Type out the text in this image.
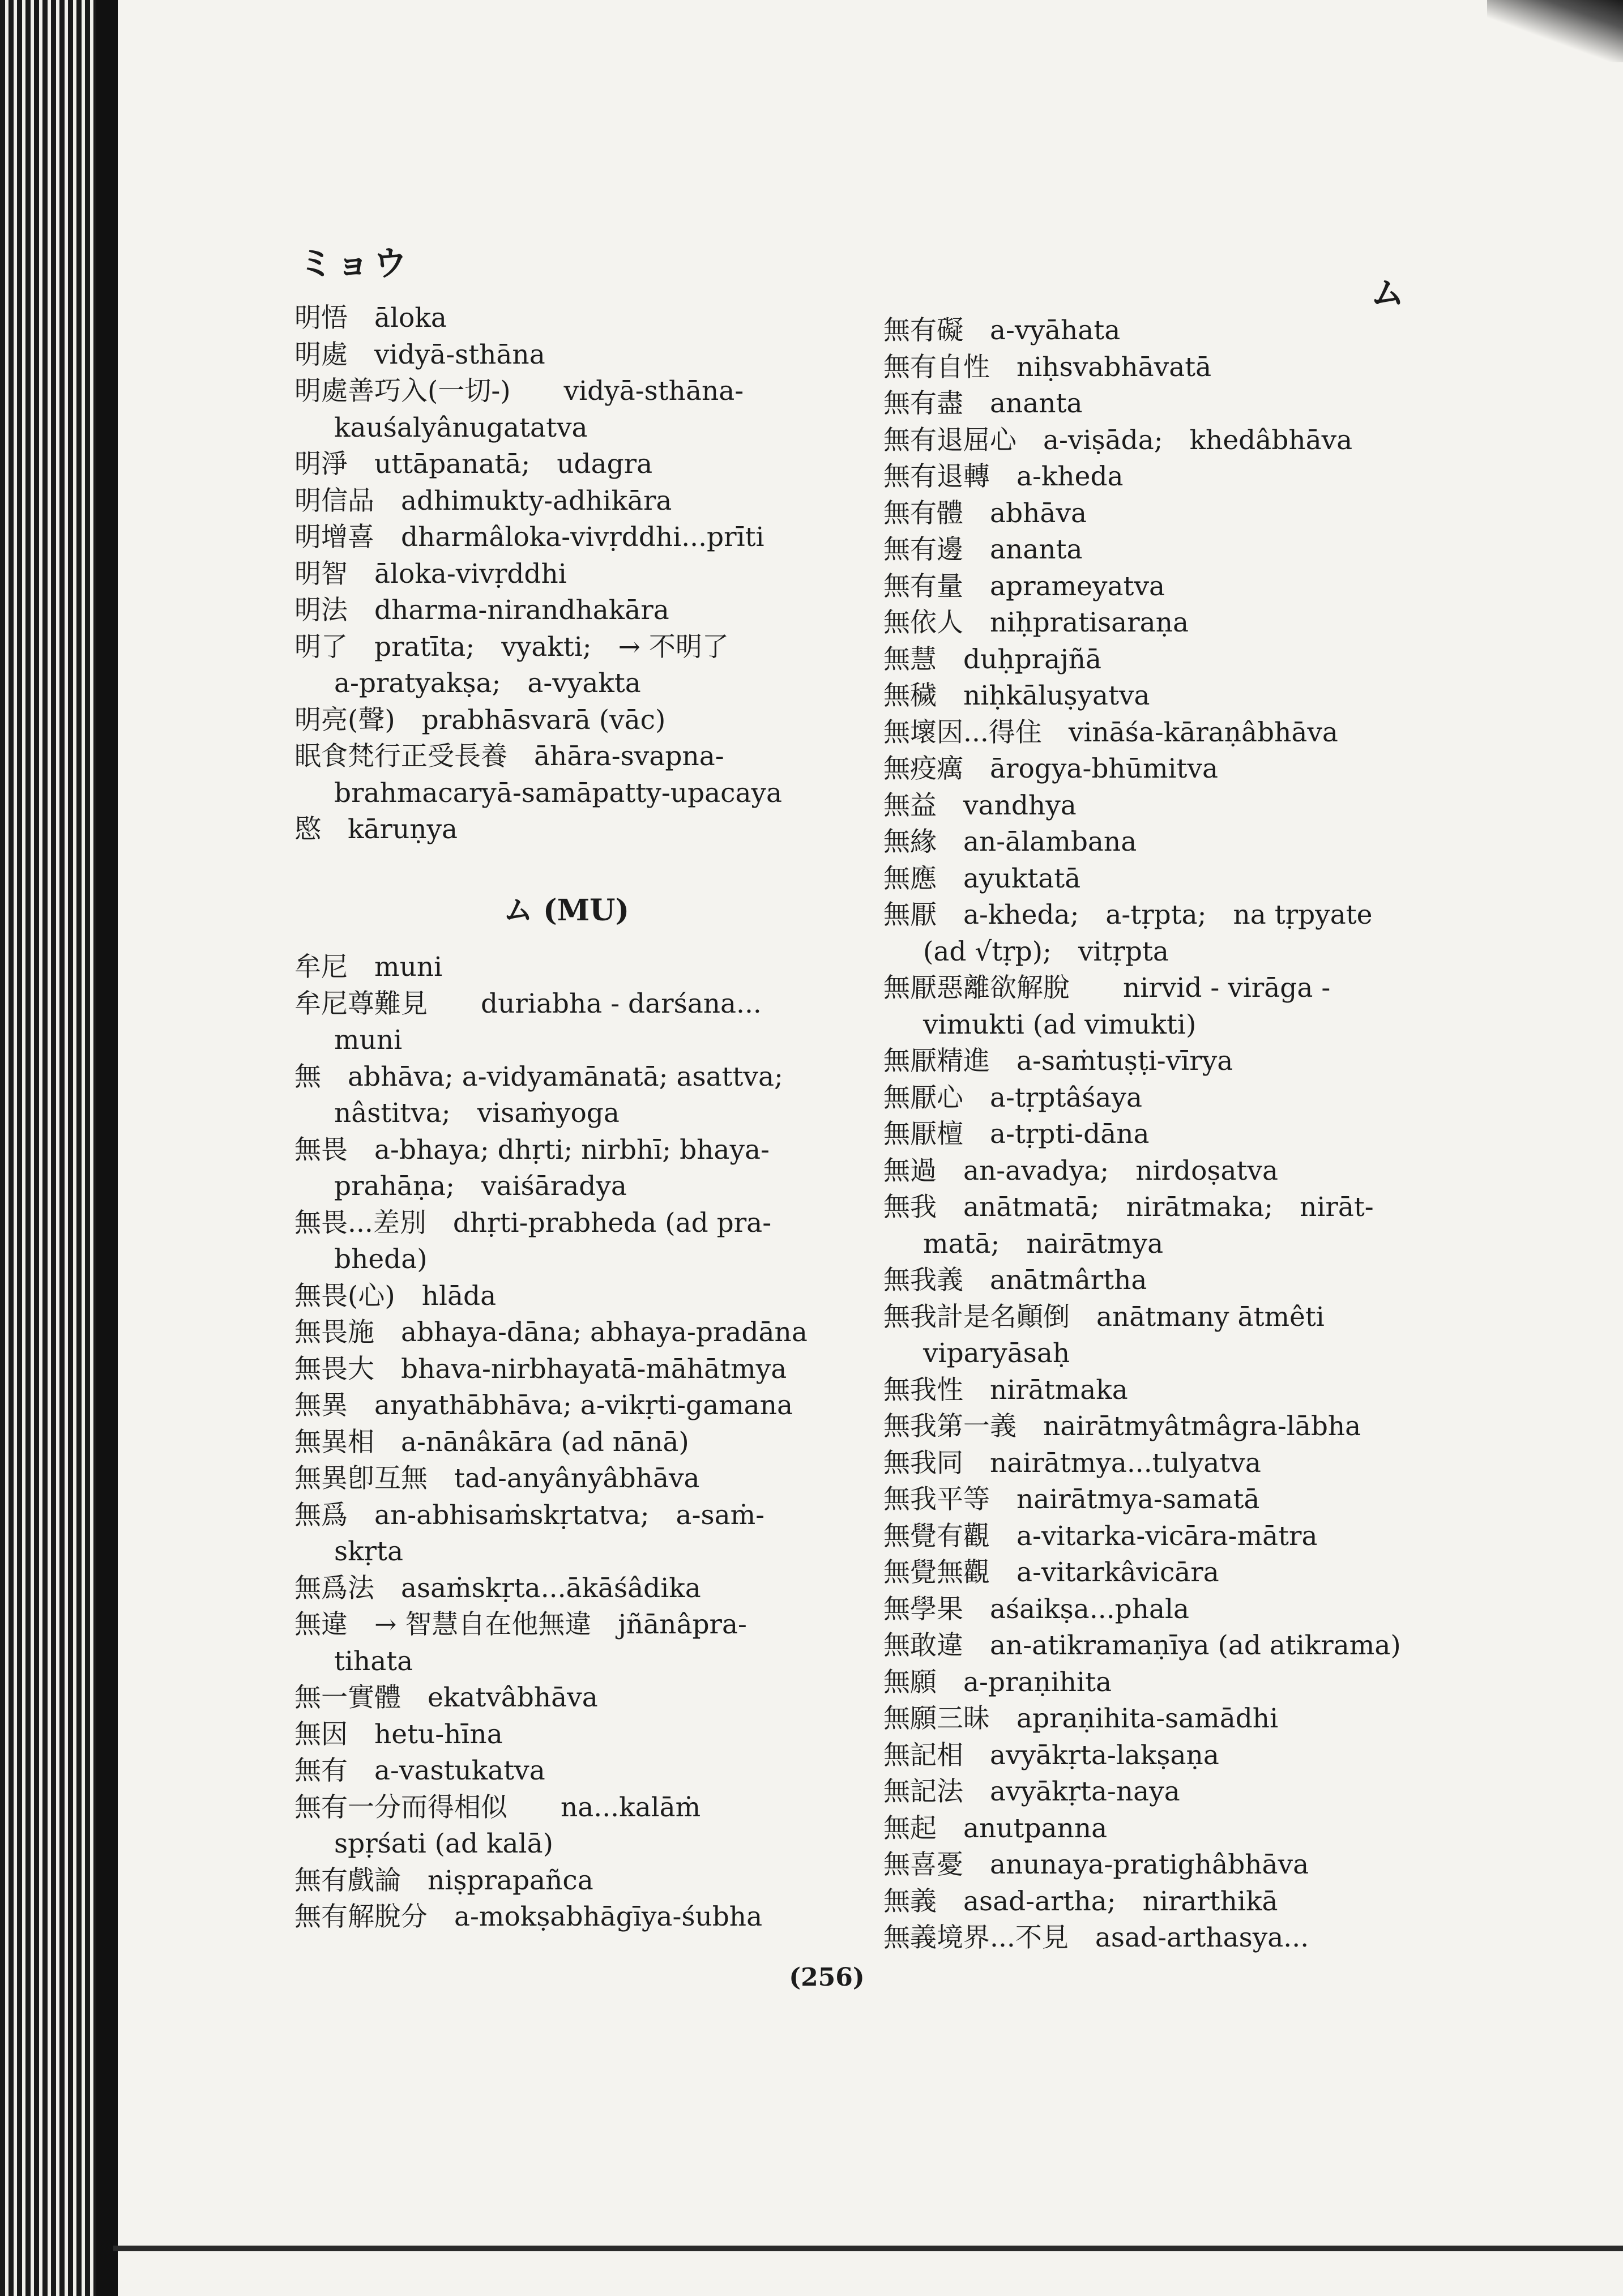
ミョウ
ム
明悟　āloka
明處　vidyā-sthāna
明處善巧入(一切-)　　vidyā-sthāna-
kauśalyânugatatva
明淨　uttāpanatā;　udagra
明信品　adhimukty-adhikāra
明增喜　dharmâloka-vivṛddhi...prīti
明智　āloka-vivṛddhi
明法　dharma-nirandhakāra
明了　pratīta;　vyakti;　→ 不明了
a-pratyakṣa;　a-vyakta
明亮(聲)　prabhāsvarā (vāc)
眠食梵行正受長養　āhāra-svapna-
brahmacaryā-samāpatty-upacaya
愍　kāruṇya
ム (MU)
牟尼　muni
牟尼尊難見　　duriabha - darśana...
muni
無　abhāva; a-vidyamānatā; asattva;
nâstitva;　visaṁyoga
無畏　a-bhaya; dhṛti; nirbhī; bhaya-
prahāṇa;　vaiśāradya
無畏...差別　dhṛti-prabheda (ad pra-
bheda)
無畏(心)　hlāda
無畏施　abhaya-dāna; abhaya-pradāna
無畏大　bhava-nirbhayatā-māhātmya
無異　anyathābhāva; a-vikṛti-gamana
無異相　a-nānâkāra (ad nānā)
無異卽互無　tad-anyânyâbhāva
無爲　an-abhisaṁskṛtatva;　a-saṁ-
skṛta
無爲法　asaṁskṛta...ākāśâdika
無違　→ 智慧自在他無違　jñānâpra-
tihata
無一實體　ekatvâbhāva
無因　hetu-hīna
無有　a-vastukatva
無有一分而得相似　　na...kalāṁ
spṛśati (ad kalā)
無有戲論　niṣprapañca
無有解脫分　a-mokṣabhāgīya-śubha
無有礙　a-vyāhata
無有自性　niḥsvabhāvatā
無有盡　ananta
無有退屈心　a-viṣāda;　khedâbhāva
無有退轉　a-kheda
無有體　abhāva
無有邊　ananta
無有量　aprameyatva
無依人　niḥpratisaraṇa
無慧　duḥprajñā
無穢　niḥkāluṣyatva
無壞因...得住　vināśa-kāraṇâbhāva
無疫癘　ārogya-bhūmitva
無益　vandhya
無緣　an-ālambana
無應　ayuktatā
無厭　a-kheda;　a-tṛpta;　na tṛpyate
(ad √tṛp);　vitṛpta
無厭惡離欲解脫　　nirvid - virāga -
vimukti (ad vimukti)
無厭精進　a-saṁtuṣṭi-vīrya
無厭心　a-tṛptâśaya
無厭檀　a-tṛpti-dāna
無過　an-avadya;　nirdoṣatva
無我　anātmatā;　nirātmaka;　nirāt-
matā;　nairātmya
無我義　anātmârtha
無我計是名顚倒　anātmany ātmêti
viparyāsaḥ
無我性　nirātmaka
無我第一義　nairātmyâtmâgra-lābha
無我同　nairātmya...tulyatva
無我平等　nairātmya-samatā
無覺有觀　a-vitarka-vicāra-mātra
無覺無觀　a-vitarkâvicāra
無學果　aśaikṣa...phala
無敢違　an-atikramaṇīya (ad atikrama)
無願　a-praṇihita
無願三昧　apraṇihita-samādhi
無記相　avyākṛta-lakṣaṇa
無記法　avyākṛta-naya
無起　anutpanna
無喜憂　anunaya-pratighâbhāva
無義　asad-artha;　nirarthikā
無義境界...不見　asad-arthasya...
(256)
